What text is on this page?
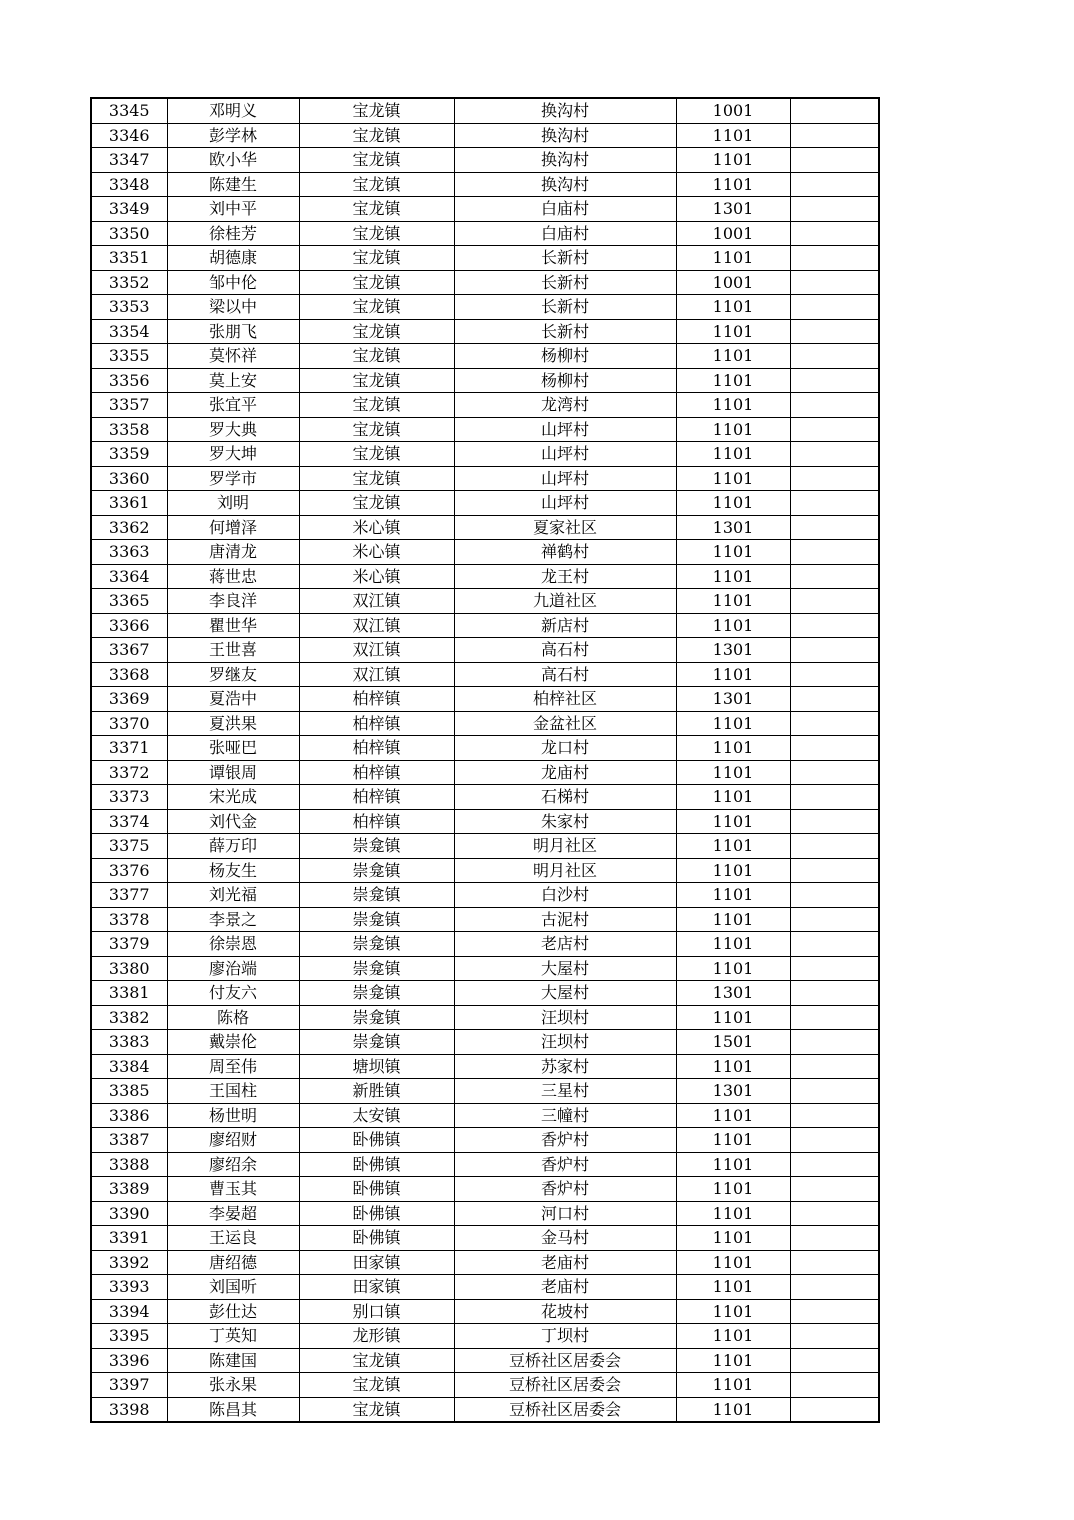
3345	邓明义	宝龙镇	换沟村	1001	
3346	彭学林	宝龙镇	换沟村	1101	
3347	欧小华	宝龙镇	换沟村	1101	
3348	陈建生	宝龙镇	换沟村	1101	
3349	刘中平	宝龙镇	白庙村	1301	
3350	徐桂芳	宝龙镇	白庙村	1001	
3351	胡德康	宝龙镇	长新村	1101	
3352	邹中伦	宝龙镇	长新村	1001	
3353	梁以中	宝龙镇	长新村	1101	
3354	张朋飞	宝龙镇	长新村	1101	
3355	莫怀祥	宝龙镇	杨柳村	1101	
3356	莫上安	宝龙镇	杨柳村	1101	
3357	张宜平	宝龙镇	龙湾村	1101	
3358	罗大典	宝龙镇	山坪村	1101	
3359	罗大坤	宝龙镇	山坪村	1101	
3360	罗学市	宝龙镇	山坪村	1101	
3361	刘明	宝龙镇	山坪村	1101	
3362	何增泽	米心镇	夏家社区	1301	
3363	唐清龙	米心镇	禅鹤村	1101	
3364	蒋世忠	米心镇	龙王村	1101	
3365	李良洋	双江镇	九道社区	1101	
3366	瞿世华	双江镇	新店村	1101	
3367	王世喜	双江镇	高石村	1301	
3368	罗继友	双江镇	高石村	1101	
3369	夏浩中	柏梓镇	柏梓社区	1301	
3370	夏洪果	柏梓镇	金盆社区	1101	
3371	张哑巴	柏梓镇	龙口村	1101	
3372	谭银周	柏梓镇	龙庙村	1101	
3373	宋光成	柏梓镇	石梯村	1101	
3374	刘代金	柏梓镇	朱家村	1101	
3375	薛万印	崇龛镇	明月社区	1101	
3376	杨友生	崇龛镇	明月社区	1101	
3377	刘光福	崇龛镇	白沙村	1101	
3378	李景之	崇龛镇	古泥村	1101	
3379	徐崇恩	崇龛镇	老店村	1101	
3380	廖治端	崇龛镇	大屋村	1101	
3381	付友六	崇龛镇	大屋村	1301	
3382	陈格	崇龛镇	汪坝村	1101	
3383	戴崇伦	崇龛镇	汪坝村	1501	
3384	周至伟	塘坝镇	苏家村	1101	
3385	王国柱	新胜镇	三星村	1301	
3386	杨世明	太安镇	三幢村	1101	
3387	廖绍财	卧佛镇	香炉村	1101	
3388	廖绍余	卧佛镇	香炉村	1101	
3389	曹玉其	卧佛镇	香炉村	1101	
3390	李晏超	卧佛镇	河口村	1101	
3391	王运良	卧佛镇	金马村	1101	
3392	唐绍德	田家镇	老庙村	1101	
3393	刘国听	田家镇	老庙村	1101	
3394	彭仕达	别口镇	花坡村	1101	
3395	丁英知	龙形镇	丁坝村	1101	
3396	陈建国	宝龙镇	豆桥社区居委会	1101	
3397	张永果	宝龙镇	豆桥社区居委会	1101	
3398	陈昌其	宝龙镇	豆桥社区居委会	1101	
